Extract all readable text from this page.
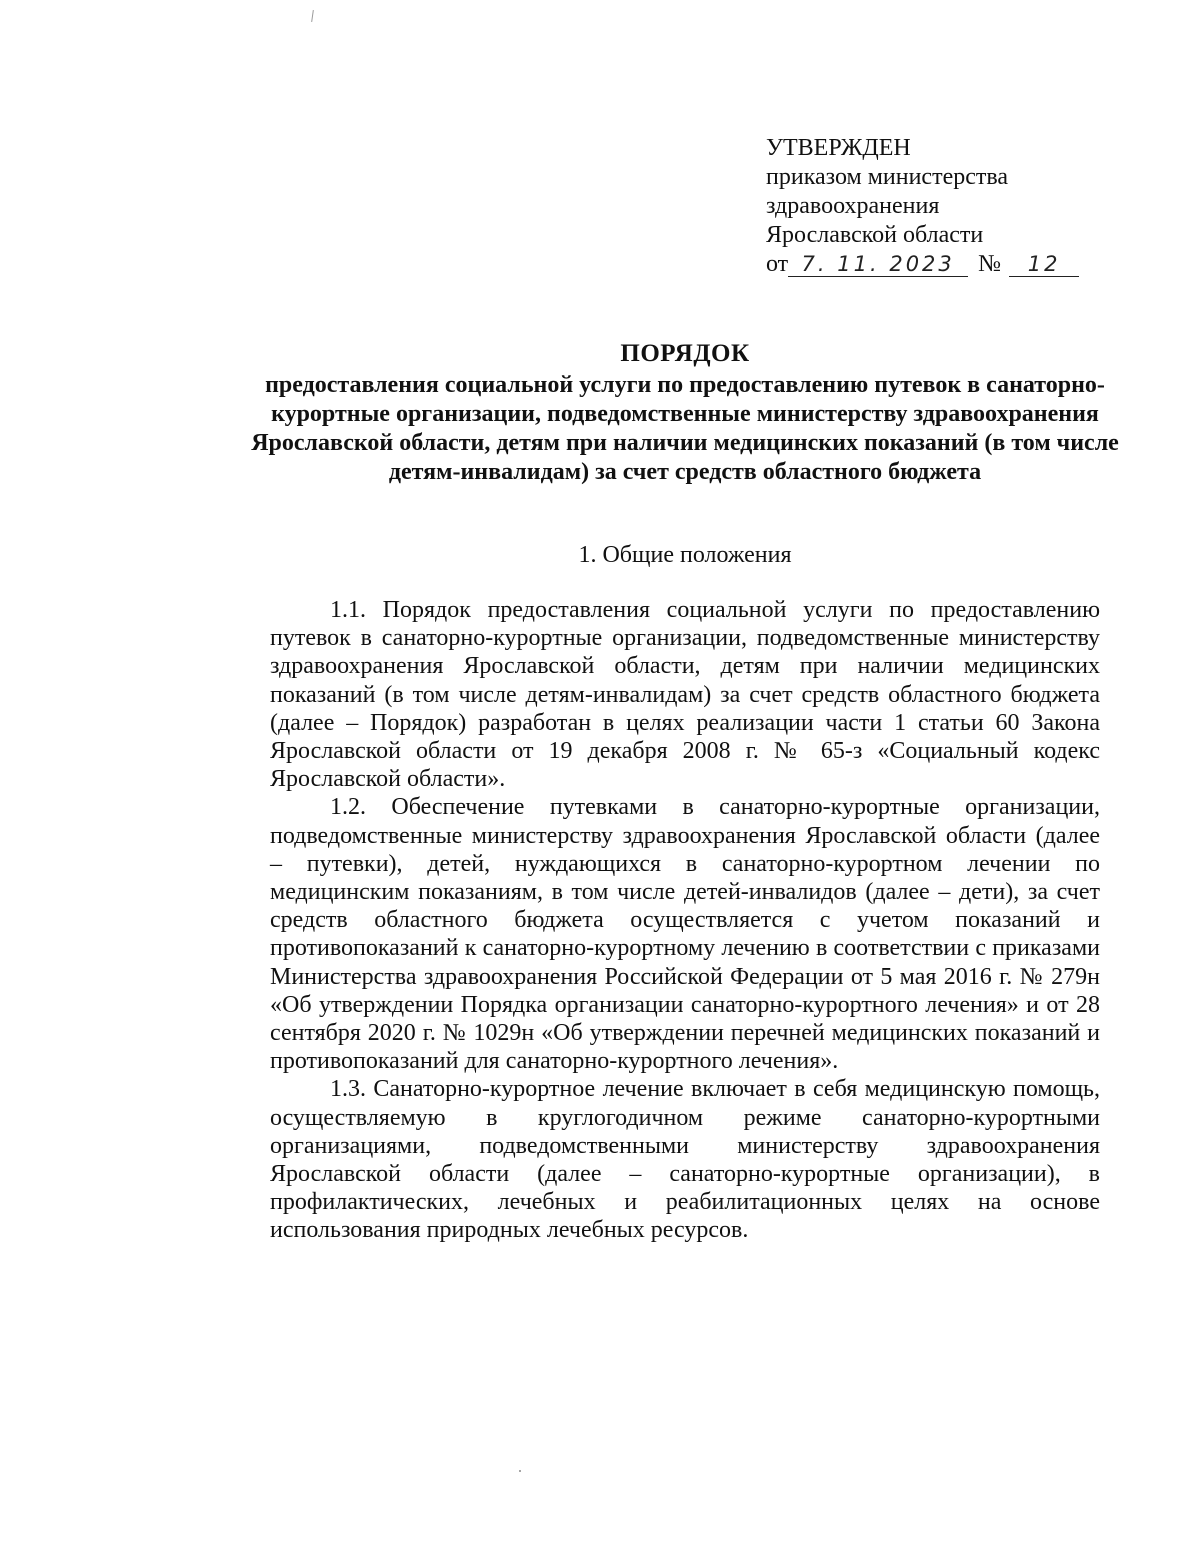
УТВЕРЖДЕН
приказом министерства
здравоохранения
Ярославской области
от 7. 11. 2023 № 12
ПОРЯДОК
предоставления социальной услуги по предоставлению путевок в санаторно-курортные организации, подведомственные министерству здравоохранения Ярославской области, детям при наличии медицинских показаний (в том числе детям-инвалидам) за счет средств областного бюджета
1. Общие положения

1.1. Порядок предоставления социальной услуги по предоставлению путевок в санаторно-курортные организации, подведомственные министерству здравоохранения Ярославской области, детям при наличии медицинских показаний (в том числе детям-инвалидам) за счет средств областного бюджета (далее – Порядок) разработан в целях реализации части 1 статьи 60 Закона Ярославской области от 19 декабря 2008 г. № 65-з «Социальный кодекс Ярославской области».

1.2. Обеспечение путевками в санаторно-курортные организации, подведомственные министерству здравоохранения Ярославской области (далее – путевки), детей, нуждающихся в санаторно-курортном лечении по медицинским показаниям, в том числе детей-инвалидов (далее – дети), за счет средств областного бюджета осуществляется с учетом показаний и противопоказаний к санаторно-курортному лечению в соответствии с приказами Министерства здравоохранения Российской Федерации от 5 мая 2016 г. № 279н «Об утверждении Порядка организации санаторно-курортного лечения» и от 28 сентября 2020 г. № 1029н «Об утверждении перечней медицинских показаний и противопоказаний для санаторно-курортного лечения».

1.3. Санаторно-курортное лечение включает в себя медицинскую помощь, осуществляемую в круглогодичном режиме санаторно-курортными организациями, подведомственными министерству здравоохранения Ярославской области (далее – санаторно-курортные организации), в профилактических, лечебных и реабилитационных целях на основе использования природных лечебных ресурсов.
